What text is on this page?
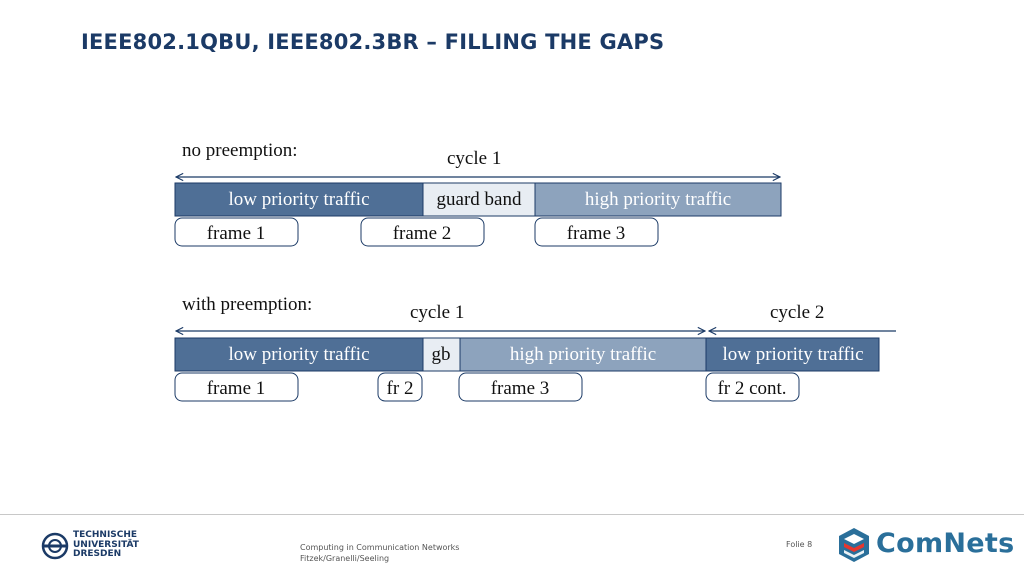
IEEE802.1QBU, IEEE802.3BR – FILLING THE GAPS
no preemption:	cycle 1
low priority traffic	guard band	high priority traffic
frame 1	frame 2	frame 3
with preemption:	cycle 1	cycle 2
low priority traffic	gb	high priority traffic	low priority traffic
frame 1	fr 2	frame 3	fr 2 cont.
TECHNISCHE
UNIVERSITÄT
DRESDEN
Computing in Communication Networks
Fitzek/Granelli/Seeling
Folie 8 ComNets
